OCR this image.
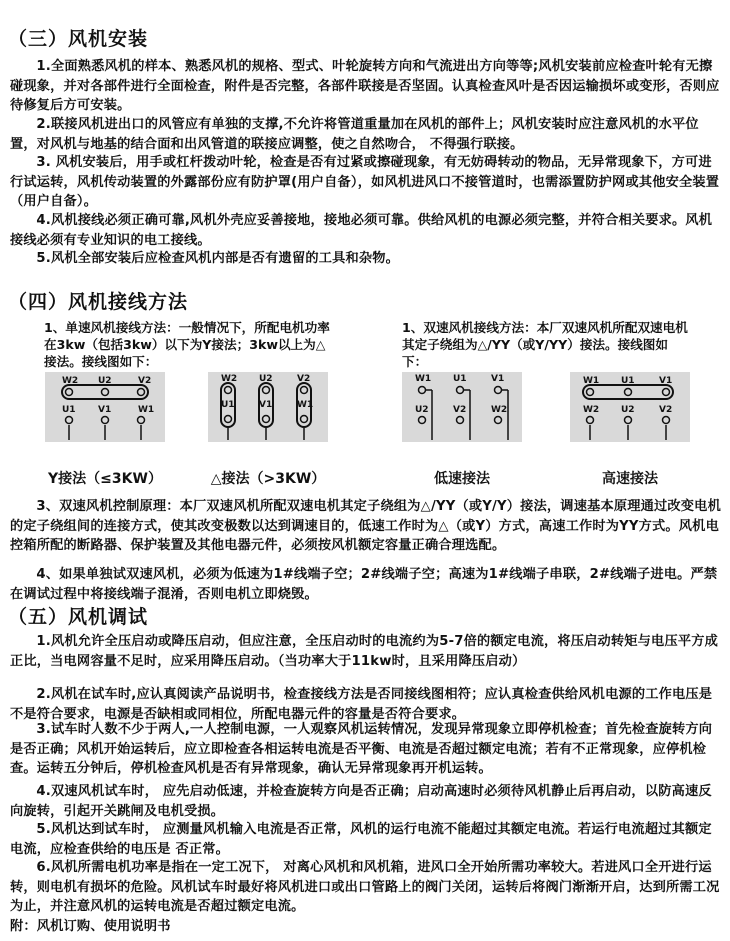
（三）风机安装
1.全面熟悉风机的样本、熟悉风机的规格、型式、叶轮旋转方向和气流进出方向等等;风机安装前应检查叶轮有无擦碰现象，并对各部件进行全面检查，附件是否完整，各部件联接是否坚固。认真检查风叶是否因运输损坏或变形，否则应待修复后方可安装。
2.联接风机进出口的风管应有单独的支撑,不允许将管道重量加在风机的部件上；风机安装时应注意风机的水平位置，对风机与地基的结合面和出风管道的联接应调整，使之自然吻合， 不得强行联接。
3. 风机安装后，用手或杠杆拨动叶轮，检查是否有过紧或擦碰现象，有无妨碍转动的物品，无异常现象下，方可进行试运转，风机传动装置的外露部份应有防护罩(用户自备），如风机进风口不接管道时，也需添置防护网或其他安全装置（用户自备）。
4.风机接线必须正确可靠,风机外壳应妥善接地，接地必须可靠。供给风机的电源必须完整，并符合相关要求。风机接线必须有专业知识的电工接线。
5.风机全部安装后应检查风机内部是否有遗留的工具和杂物。
（四）风机接线方法
1、单速风机接线方法：一般情况下，所配电机功率在3kw（包括3kw）以下为Y接法；3kw以上为△接法。接线图如下：
1、双速风机接线方法：本厂双速风机所配双速电机其定子绕组为△/YY（或Y/YY）接法。接线图如下：
W2 U2	V2
U1 V1	W1
Y接法（≤3KW）
W2 U2	V2
U1	V1	W1
△接法（>3KW）
W1 U1	V1
U2	V2	W2
低速接法
W1 U1	V1
W2 U2	V2
高速接法
3、双速风机控制原理：本厂双速风机所配双速电机其定子绕组为△/YY（或Y/Y）接法，调速基本原理通过改变电机的定子绕组间的连接方式，使其改变极数以达到调速目的，低速工作时为△（或Y）方式，高速工作时为YY方式。风机电控箱所配的断路器、保护装置及其他电器元件，必须按风机额定容量正确合理选配。
4、如果单独试双速风机，必须为低速为1#线端子空；2#线端子空；高速为1#线端子串联，2#线端子进电。严禁在调试过程中将接线端子混淆，否则电机立即烧毁。
（五）风机调试
1.风机允许全压启动或降压启动，但应注意，全压启动时的电流约为5-7倍的额定电流，将压启动转矩与电压平方成正比，当电网容量不足时，应采用降压启动。（当功率大于11kw时，且采用降压启动）
2.风机在试车时,应认真阅读产品说明书，检查接线方法是否同接线图相符；应认真检查供给风机电源的工作电压是不是符合要求，电源是否缺相或同相位，所配电器元件的容量是否符合要求。
3.试车时人数不少于两人,一人控制电源，一人观察风机运转情况，发现异常现象立即停机检查；首先检查旋转方向是否正确；风机开始运转后，应立即检查各相运转电流是否平衡、电流是否超过额定电流；若有不正常现象，应停机检查。运转五分钟后，停机检查风机是否有异常现象，确认无异常现象再开机运转。
4.双速风机试车时， 应先启动低速，并检查旋转方向是否正确；启动高速时必须待风机静止后再启动，以防高速反向旋转，引起开关跳闸及电机受损。
5.风机达到试车时， 应测量风机输入电流是否正常，风机的运行电流不能超过其额定电流。若运行电流超过其额定电流，应检查供给的电压是 否正常。
6.风机所需电机功率是指在一定工况下， 对离心风机和风机箱，进风口全开始所需功率较大。若进风口全开进行运转，则电机有损坏的危险。风机试车时最好将风机进口或出口管路上的阀门关闭，运转后将阀门渐渐开启，达到所需工况为止，并注意风机的运转电流是否超过额定电流。
附：风机订购、使用说明书
